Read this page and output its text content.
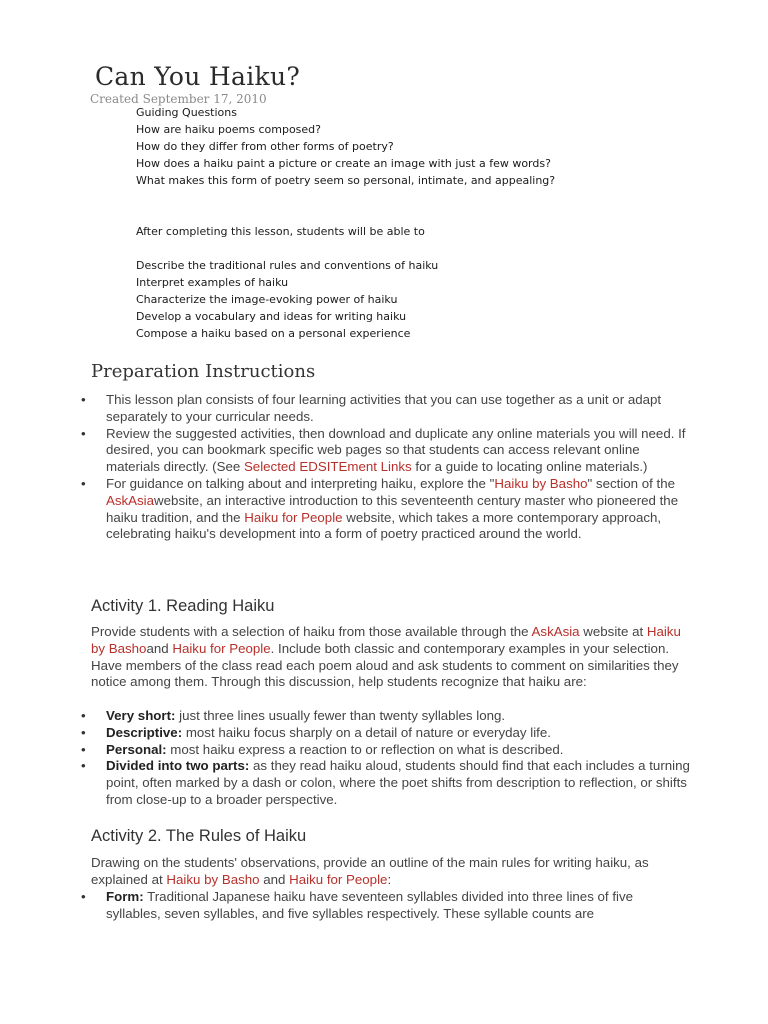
Can You Haiku?
Created September 17, 2010
Guiding Questions
How are haiku poems composed?
How do they differ from other forms of poetry?
How does a haiku paint a picture or create an image with just a few words?
What makes this form of poetry seem so personal, intimate, and appealing?
After completing this lesson, students will be able to
Describe the traditional rules and conventions of haiku
Interpret examples of haiku
Characterize the image-evoking power of haiku
Develop a vocabulary and ideas for writing haiku
Compose a haiku based on a personal experience
Preparation Instructions
• This lesson plan consists of four learning activities that you can use together as a unit or adapt separately to your curricular needs.
• Review the suggested activities, then download and duplicate any online materials you will need. If desired, you can bookmark specific web pages so that students can access relevant online materials directly. (See Selected EDSITEment Links for a guide to locating online materials.)
• For guidance on talking about and interpreting haiku, explore the "Haiku by Basho" section of the AskAsiawebsite, an interactive introduction to this seventeenth century master who pioneered the haiku tradition, and the Haiku for People website, which takes a more contemporary approach, celebrating haiku's development into a form of poetry practiced around the world.
Activity 1. Reading Haiku
Provide students with a selection of haiku from those available through the AskAsia website at Haiku by Bashoand Haiku for People. Include both classic and contemporary examples in your selection. Have members of the class read each poem aloud and ask students to comment on similarities they notice among them. Through this discussion, help students recognize that haiku are:
• Very short: just three lines usually fewer than twenty syllables long.
• Descriptive: most haiku focus sharply on a detail of nature or everyday life.
• Personal: most haiku express a reaction to or reflection on what is described.
• Divided into two parts: as they read haiku aloud, students should find that each includes a turning point, often marked by a dash or colon, where the poet shifts from description to reflection, or shifts from close-up to a broader perspective.
Activity 2. The Rules of Haiku
Drawing on the students' observations, provide an outline of the main rules for writing haiku, as explained at Haiku by Basho and Haiku for People:
• Form: Traditional Japanese haiku have seventeen syllables divided into three lines of five syllables, seven syllables, and five syllables respectively. These syllable counts are
